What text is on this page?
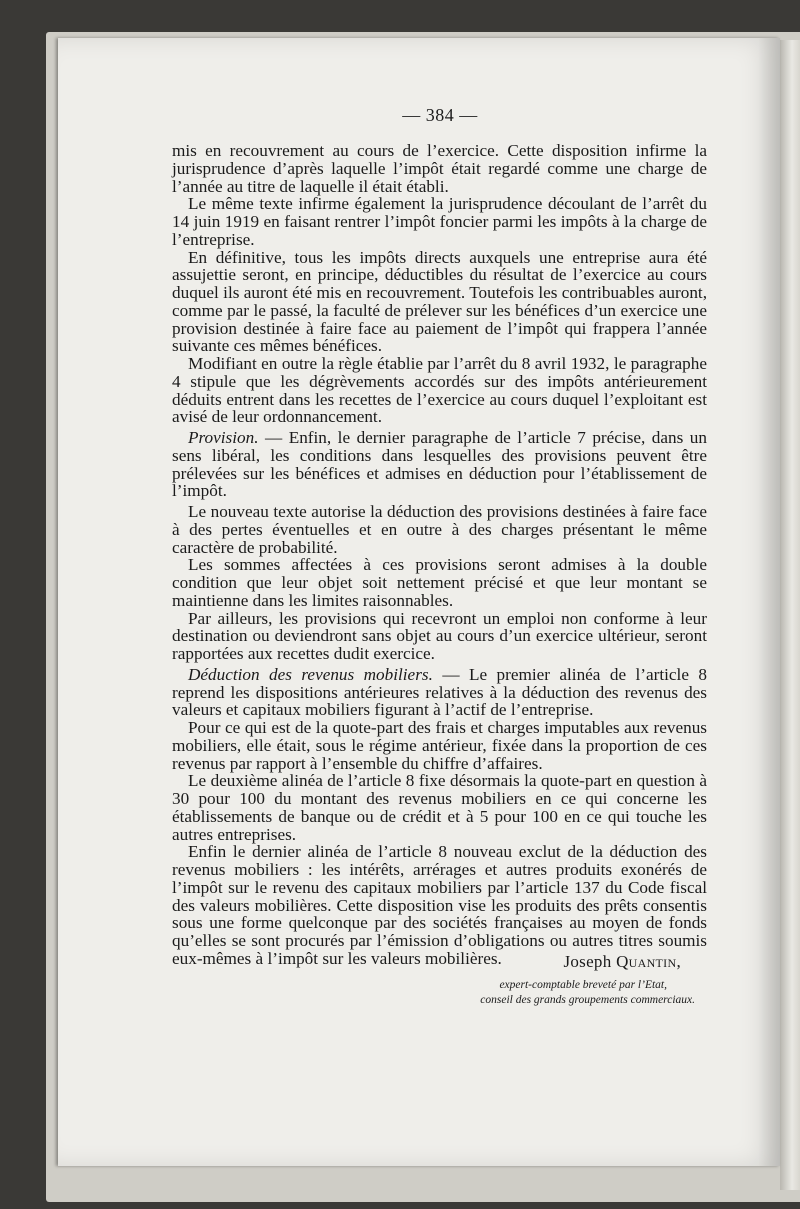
— 384 —

mis en recouvrement au cours de l’exercice. Cette disposition infirme la jurisprudence d’après laquelle l’impôt était regardé comme une charge de l’année au titre de laquelle il était établi.

Le même texte infirme également la jurisprudence découlant de l’arrêt du 14 juin 1919 en faisant rentrer l’impôt foncier parmi les impôts à la charge de l’entreprise.

En définitive, tous les impôts directs auxquels une entreprise aura été assujettie seront, en principe, déductibles du résultat de l’exercice au cours duquel ils auront été mis en recouvrement. Toutefois les contribuables auront, comme par le passé, la faculté de prélever sur les bénéfices d’un exercice une provision destinée à faire face au paiement de l’impôt qui frappera l’année suivante ces mêmes bénéfices.

Modifiant en outre la règle établie par l’arrêt du 8 avril 1932, le paragraphe 4 stipule que les dégrèvements accordés sur des impôts antérieurement déduits entrent dans les recettes de l’exercice au cours duquel l’exploitant est avisé de leur ordonnancement.

Provision. — Enfin, le dernier paragraphe de l’article 7 précise, dans un sens libéral, les conditions dans lesquelles des provisions peuvent être prélevées sur les bénéfices et admises en déduction pour l’établissement de l’impôt.

Le nouveau texte autorise la déduction des provisions destinées à faire face à des pertes éventuelles et en outre à des charges présentant le même caractère de probabilité.

Les sommes affectées à ces provisions seront admises à la double condition que leur objet soit nettement précisé et que leur montant se maintienne dans les limites raisonnables.

Par ailleurs, les provisions qui recevront un emploi non conforme à leur destination ou deviendront sans objet au cours d’un exercice ultérieur, seront rapportées aux recettes dudit exercice.

Déduction des revenus mobiliers. — Le premier alinéa de l’article 8 reprend les dispositions antérieures relatives à la déduction des revenus des valeurs et capitaux mobiliers figurant à l’actif de l’entreprise.

Pour ce qui est de la quote-part des frais et charges imputables aux revenus mobiliers, elle était, sous le régime antérieur, fixée dans la proportion de ces revenus par rapport à l’ensemble du chiffre d’affaires.

Le deuxième alinéa de l’article 8 fixe désormais la quote-part en question à 30 pour 100 du montant des revenus mobiliers en ce qui concerne les établissements de banque ou de crédit et à 5 pour 100 en ce qui touche les autres entreprises.

Enfin le dernier alinéa de l’article 8 nouveau exclut de la déduction des revenus mobiliers : les intérêts, arrérages et autres produits exonérés de l’impôt sur le revenu des capitaux mobiliers par l’article 137 du Code fiscal des valeurs mobilières. Cette disposition vise les produits des prêts consentis sous une forme quelconque par des sociétés françaises au moyen de fonds qu’elles se sont procurés par l’émission d’obligations ou autres titres soumis eux-mêmes à l’impôt sur les valeurs mobilières.	Joseph Quantin,
expert-comptable breveté par l’Etat,
conseil des grands groupements commerciaux.
